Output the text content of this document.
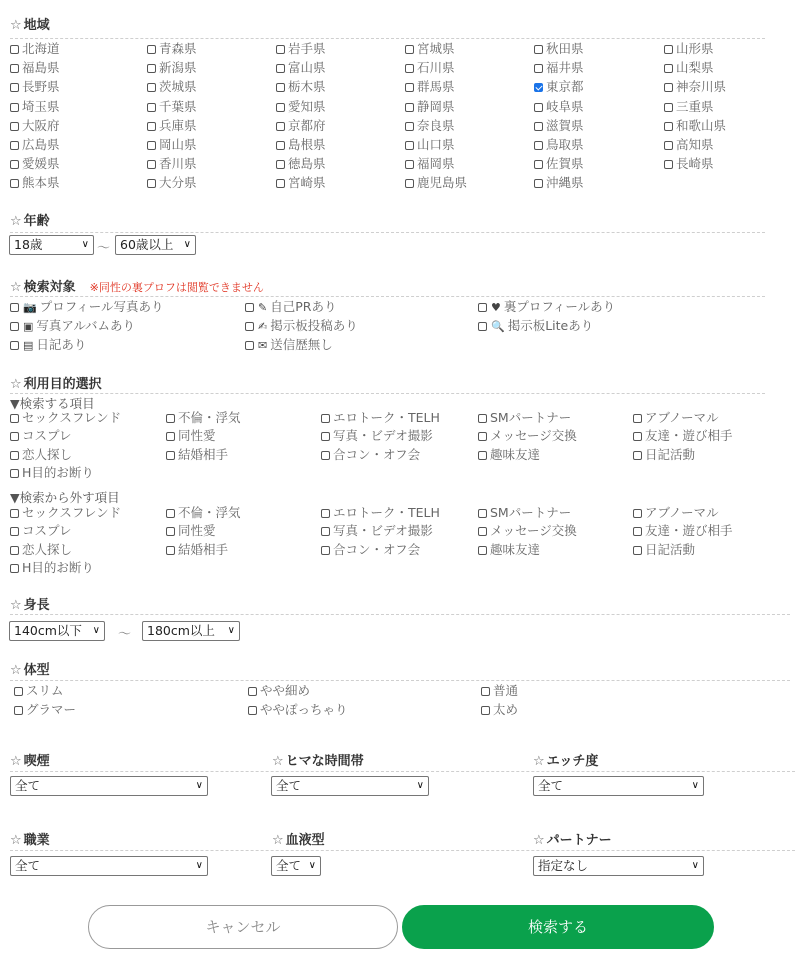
☆ 地域
北海道	青森県	岩手県	宮城県	秋田県	山形県
福島県	新潟県	富山県	石川県	福井県	山梨県
長野県	茨城県	栃木県	群馬県	東京都	神奈川県
埼玉県	千葉県	愛知県	静岡県	岐阜県	三重県
大阪府	兵庫県	京都府	奈良県	滋賀県	和歌山県
広島県	岡山県	島根県	山口県	鳥取県	高知県
愛媛県	香川県	徳島県	福岡県	佐賀県	長崎県
熊本県	大分県	宮崎県	鹿児島県	沖縄県
☆ 年齢
18歳	∨ 〜 60歳以上 ∨
☆ 検索対象 ※同性の裏プロフは閲覧できません
📷 プロフィール写真あり	✎ 自己PRあり	♥ 裏プロフィールあり
▣ 写真アルバムあり	✍ 掲示板投稿あり	🔍 掲示板Liteあり
▤ 日記あり	✉ 送信歴無し
☆ 利用目的選択
▼検索する項目
セックスフレンド	不倫・浮気	エロトーク・TELH	SMパートナー	アブノーマル
コスプレ	同性愛	写真・ビデオ撮影	メッセージ交換	友達・遊び相手
恋人探し	結婚相手	合コン・オフ会	趣味友達	日記活動
H目的お断り
▼検索から外す項目
セックスフレンド	不倫・浮気	エロトーク・TELH	SMパートナー	アブノーマル
コスプレ	同性愛	写真・ビデオ撮影	メッセージ交換	友達・遊び相手
恋人探し	結婚相手	合コン・オフ会	趣味友達	日記活動
H目的お断り
☆ 身長
140cm以下 ∨ 〜	180cm以上 ∨
☆ 体型
スリム	やや細め	普通
グラマー	ややぽっちゃり	太め
☆ 喫煙	☆ ヒマな時間帯	☆ エッチ度
全て	∨	全て	∨	全て	∨
☆ 職業	☆ 血液型	☆ パートナー
全て	∨	全て ∨	指定なし	∨
キャンセル	検索する
